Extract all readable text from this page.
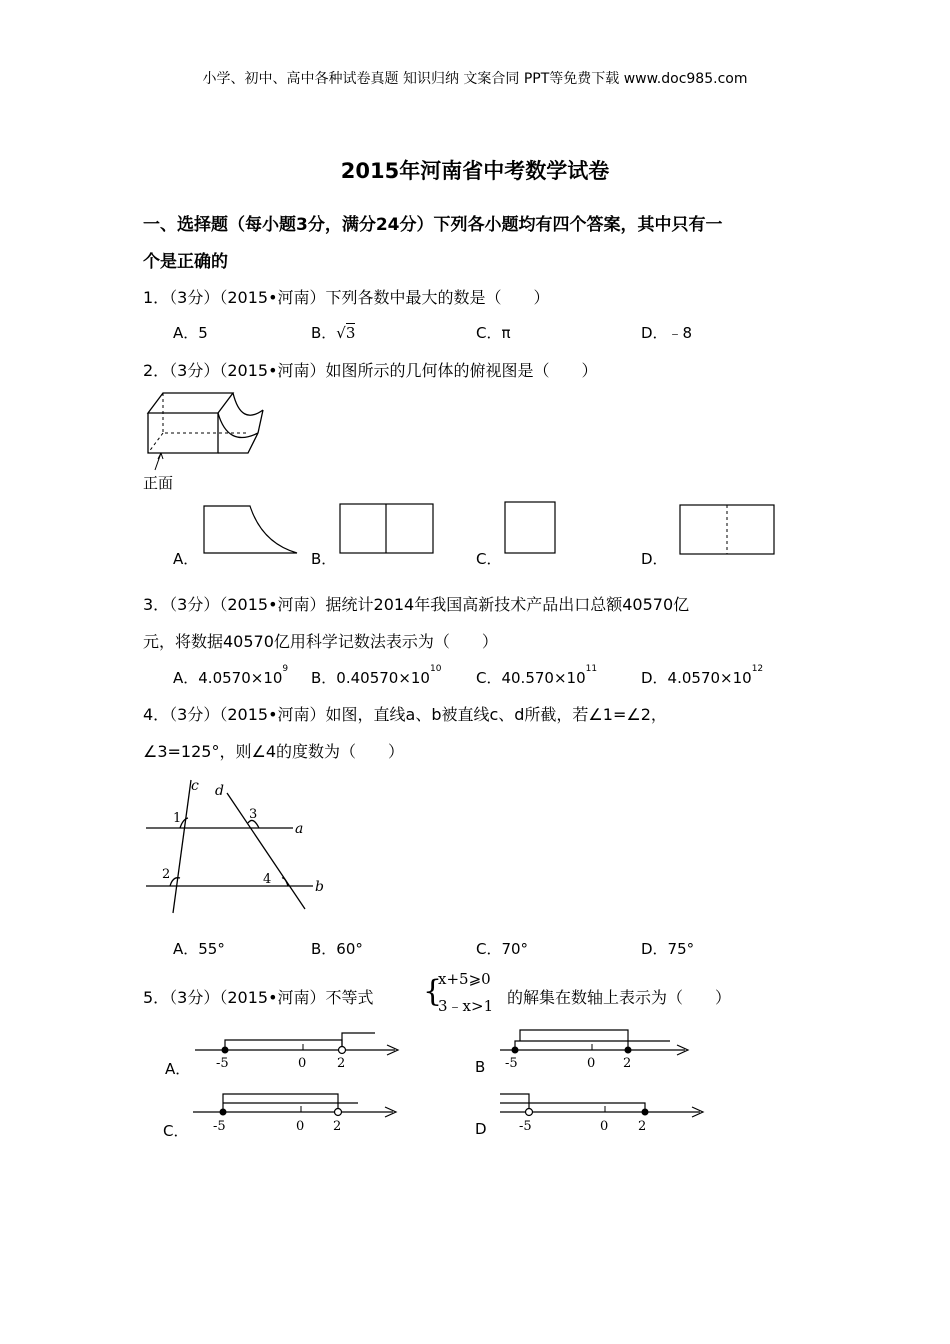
小学、初中、高中各种试卷真题 知识归纳 文案合同 PPT等免费下载 www.doc985.com
2015年河南省中考数学试卷
一、选择题（每小题3分，满分24分）下列各小题均有四个答案，其中只有一
个是正确的
1．（3分）（2015•河南）下列各数中最大的数是（　　）
A．5	B．√3	C．π	D．﹣8
2．（3分）（2015•河南）如图所示的几何体的俯视图是（　　）
正面
A．	B．	C．	D．
3．（3分）（2015•河南）据统计2014年我国高新技术产品出口总额40570亿
元，将数据40570亿用科学记数法表示为（　　）
A．$4.0570\times 10^9$ B．$0.40570\times 10^{10}$ C．$40.570\times 10^{11}$	D．$4.0570\times 10^{12}$
4．（3分）（2015•河南）如图，直线a、b被直线c、d所截，若∠1=∠2，
∠3=125°，则∠4的度数为（　　）
c d
a
b
1
2
3
4
A．55°	B．60°	C．70°	D．75°
5．（3分）（2015•河南）不等式 {
x+5⩾0
3﹣x>1 的解集在数轴上表示为（　　）
A． -5	0 2	B -5	0 2
C． -5	0 2	D -5	0 2
